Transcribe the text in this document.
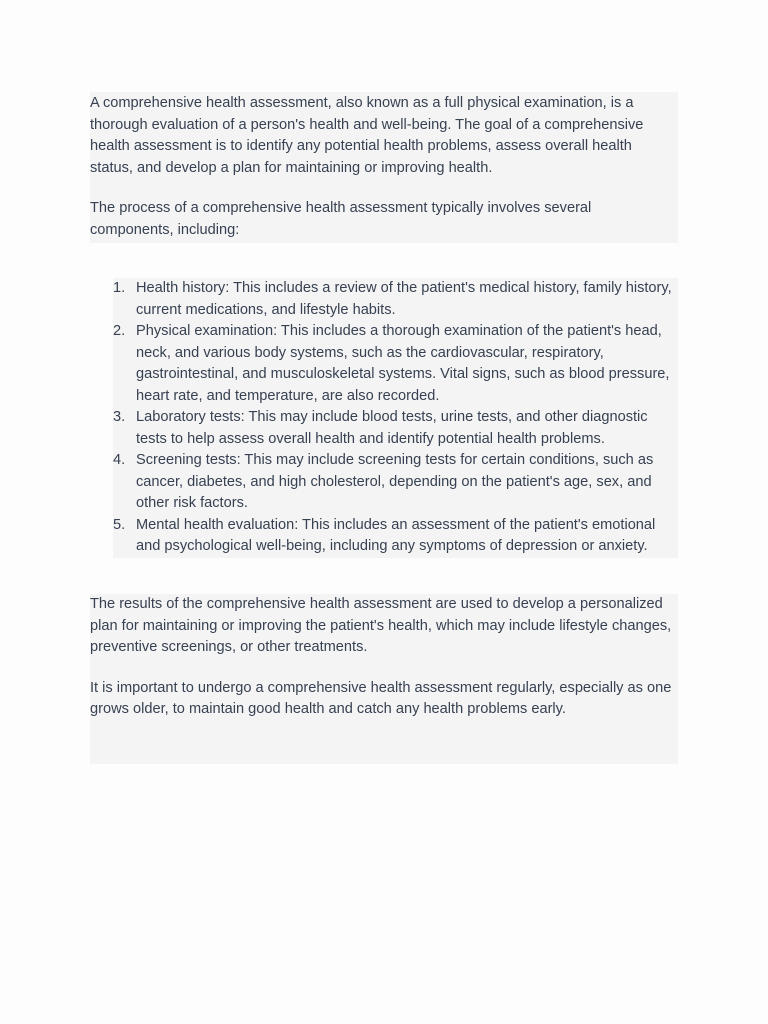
A comprehensive health assessment, also known as a full physical examination, is a thorough evaluation of a person's health and well-being. The goal of a comprehensive health assessment is to identify any potential health problems, assess overall health status, and develop a plan for maintaining or improving health.

The process of a comprehensive health assessment typically involves several components, including:

1. Health history: This includes a review of the patient's medical history, family history, current medications, and lifestyle habits.
2. Physical examination: This includes a thorough examination of the patient's head, neck, and various body systems, such as the cardiovascular, respiratory, gastrointestinal, and musculoskeletal systems. Vital signs, such as blood pressure, heart rate, and temperature, are also recorded.
3. Laboratory tests: This may include blood tests, urine tests, and other diagnostic tests to help assess overall health and identify potential health problems.
4. Screening tests: This may include screening tests for certain conditions, such as cancer, diabetes, and high cholesterol, depending on the patient's age, sex, and other risk factors.
5. Mental health evaluation: This includes an assessment of the patient's emotional and psychological well-being, including any symptoms of depression or anxiety.

The results of the comprehensive health assessment are used to develop a personalized plan for maintaining or improving the patient's health, which may include lifestyle changes, preventive screenings, or other treatments.

It is important to undergo a comprehensive health assessment regularly, especially as one grows older, to maintain good health and catch any health problems early.
